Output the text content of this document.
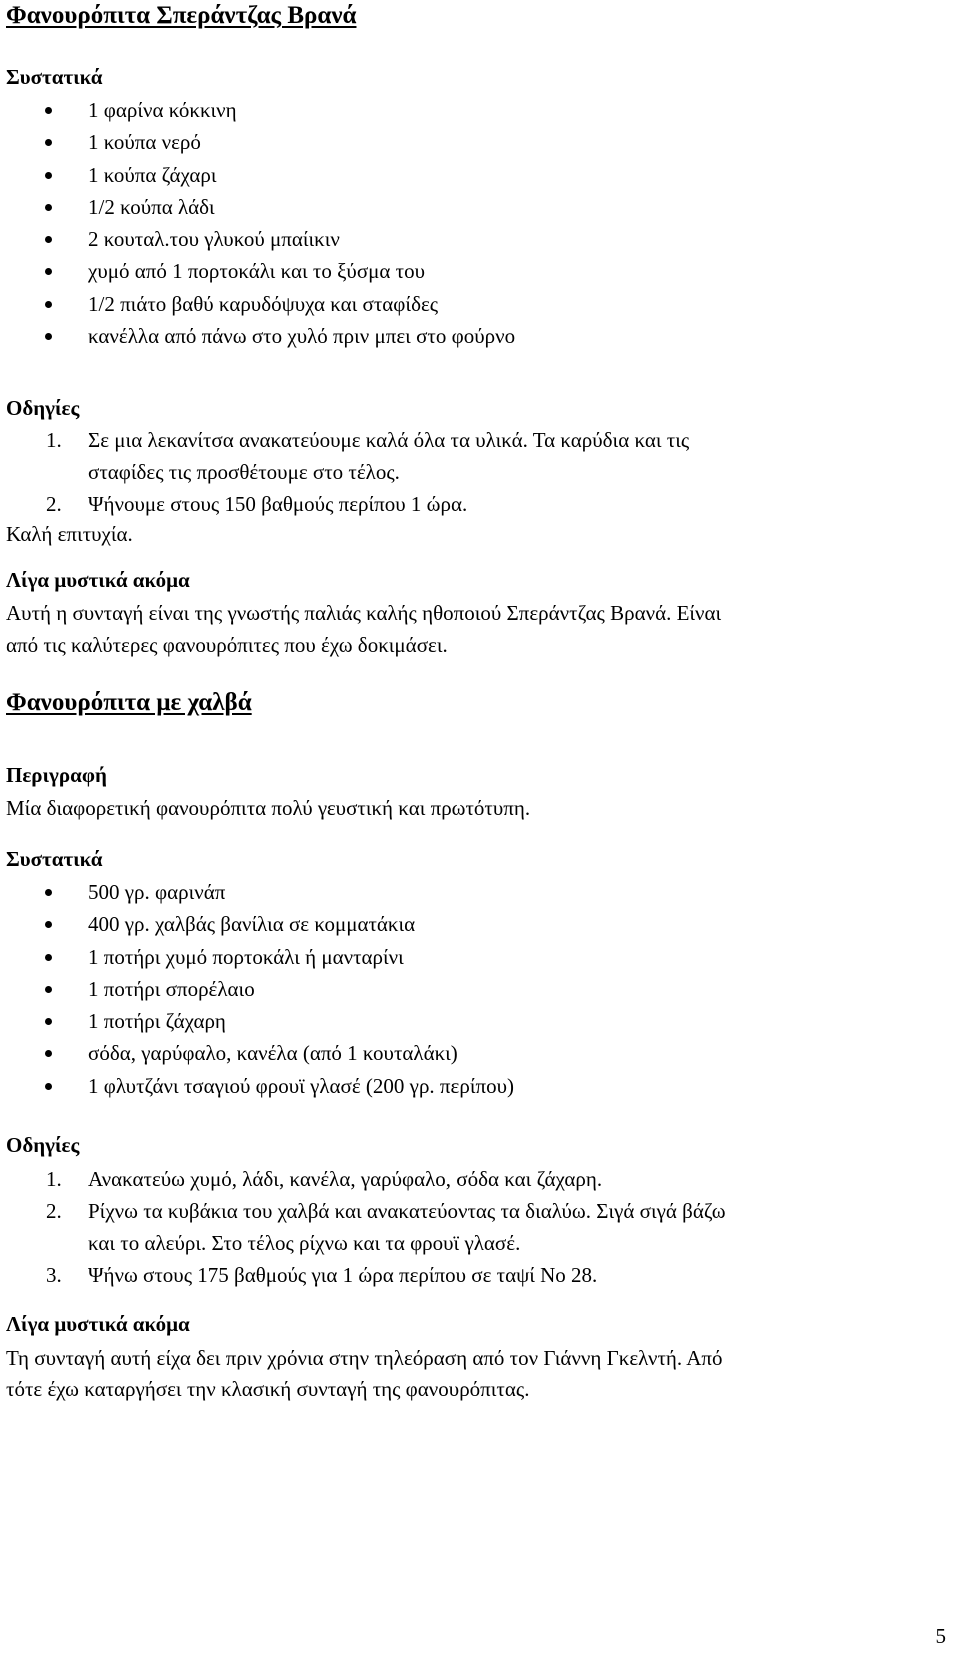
Φανουρόπιτα Σπεράντζας Βρανά
Συστατικά
1 φαρίνα κόκκινη
1 κούπα νερό
1 κούπα ζάχαρι
1/2 κούπα λάδι
2 κουταλ.του γλυκού μπαίικιν
χυμό από 1 πορτοκάλι και το ξύσμα του
1/2 πιάτο βαθύ καρυδόψυχα και σταφίδες
κανέλλα από πάνω στο χυλό πριν μπει στο φούρνο
Οδηγίες
1. Σε μια λεκανίτσα ανακατεύουμε καλά όλα τα υλικά. Τα καρύδια και τις
σταφίδες τις προσθέτουμε στο τέλος.
2. Ψήνουμε στους 150 βαθμούς περίπου 1 ώρα.
Καλή επιτυχία.
Λίγα μυστικά ακόμα
Αυτή η συνταγή είναι της γνωστής παλιάς καλής ηθοποιού Σπεράντζας Βρανά. Είναι
από τις καλύτερες φανουρόπιτες που έχω δοκιμάσει.
Φανουρόπιτα με χαλβά
Περιγραφή
Μία διαφορετική φανουρόπιτα πολύ γευστική και πρωτότυπη.
Συστατικά
500 γρ. φαρινάπ
400 γρ. χαλβάς βανίλια σε κομματάκια
1 ποτήρι χυμό πορτοκάλι ή μανταρίνι
1 ποτήρι σπορέλαιο
1 ποτήρι ζάχαρη
σόδα, γαρύφαλο, κανέλα (από 1 κουταλάκι)
1 φλυτζάνι τσαγιού φρουϊ γλασέ (200 γρ. περίπου)
Οδηγίες
1. Ανακατεύω χυμό, λάδι, κανέλα, γαρύφαλο, σόδα και ζάχαρη.
2. Ρίχνω τα κυβάκια του χαλβά και ανακατεύοντας τα διαλύω. Σιγά σιγά βάζω
και το αλεύρι. Στο τέλος ρίχνω και τα φρουϊ γλασέ.
3. Ψήνω στους 175 βαθμούς για 1 ώρα περίπου σε ταψί Νο 28.
Λίγα μυστικά ακόμα
Τη συνταγή αυτή είχα δει πριν χρόνια στην τηλεόραση από τον Γιάννη Γκελντή. Από
τότε έχω καταργήσει την κλασική συνταγή της φανουρόπιτας.
5
